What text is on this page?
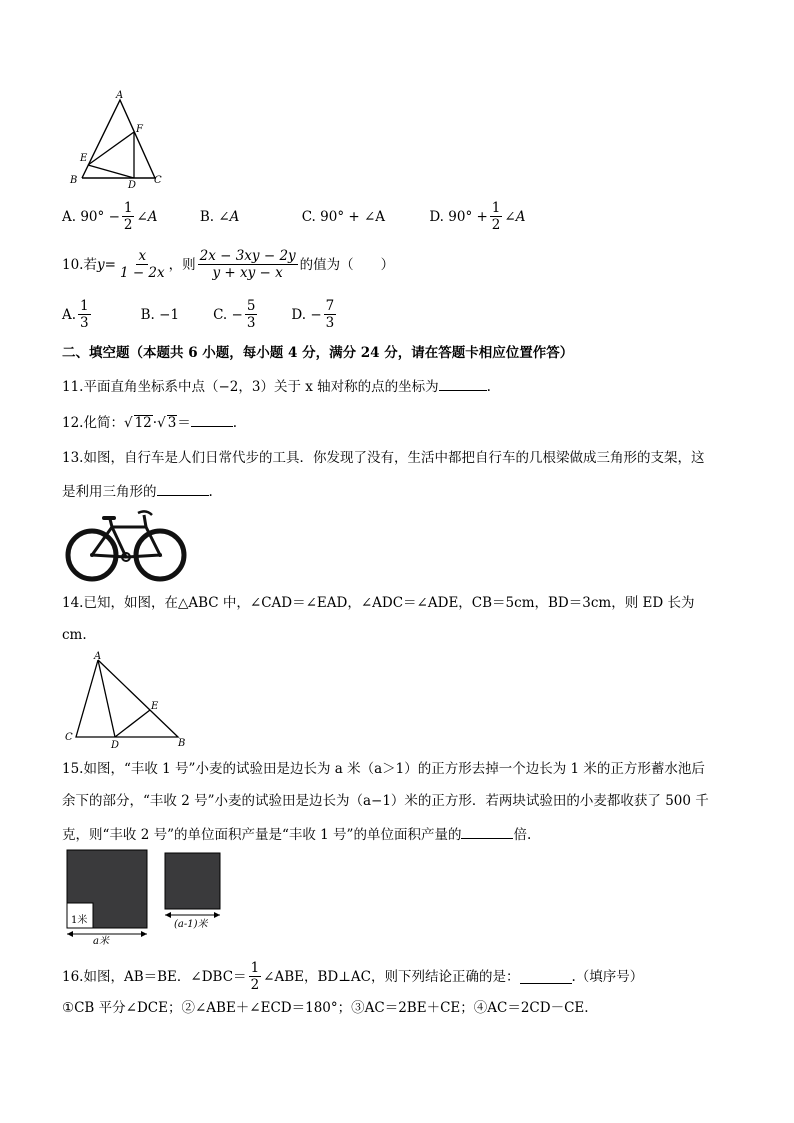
A
F
E
B	D C
A.
$90^\circ - \frac{1}{2}$ ∠A	B. ∠A	C. 90° + ∠A	D.
$90^\circ + \frac{1}{2}$ ∠A
10.若 $y = \frac{x}{1 - 2x}$ ，则 $\frac{2x - 3xy - 2y}{y + xy - x}$ 的值为（　　）
A. $\frac{1}{3}$	B. −1	C.
− $\frac{5}{3}$	D.
− $\frac{7}{3}$
二、填空题（本题共 6 小题，每小题 4 分，满分 24 分，请在答题卡相应位置作答）
11.平面直角坐标系中点（−2，3）关于 x 轴对称的点的坐标为	.
12.化简：√ 12·√ 3＝	.
13.如图，自行车是人们日常代步的工具．你发现了没有，生活中都把自行车的几根梁做成三角形的支架，这
是利用三角形的	.
14.已知，如图，在△ABC 中，∠CAD＝∠EAD，∠ADC＝∠ADE，CB＝5cm，BD＝3cm，则 ED 长为
cm.
A
E
C
D	B
15.如图，“丰收 1 号”小麦的试验田是边长为 a 米（a＞1）的正方形去掉一个边长为 1 米的正方形蓄水池后
余下的部分，“丰收 2 号”小麦的试验田是边长为（a−1）米的正方形．若两块试验田的小麦都收获了 500 千
克，则“丰收 2 号”的单位面积产量是“丰收 1 号”的单位面积产量的	倍.
1米
a米
(a-1)米
16.如图，AB＝BE．∠DBC＝ $\frac{1}{2}$ ∠ABE，BD⊥AC，则下列结论正确的是：	.（填序号）
①CB 平分∠DCE；②∠ABE＋∠ECD＝180°；③AC＝2BE＋CE；④AC＝2CD－CE.
